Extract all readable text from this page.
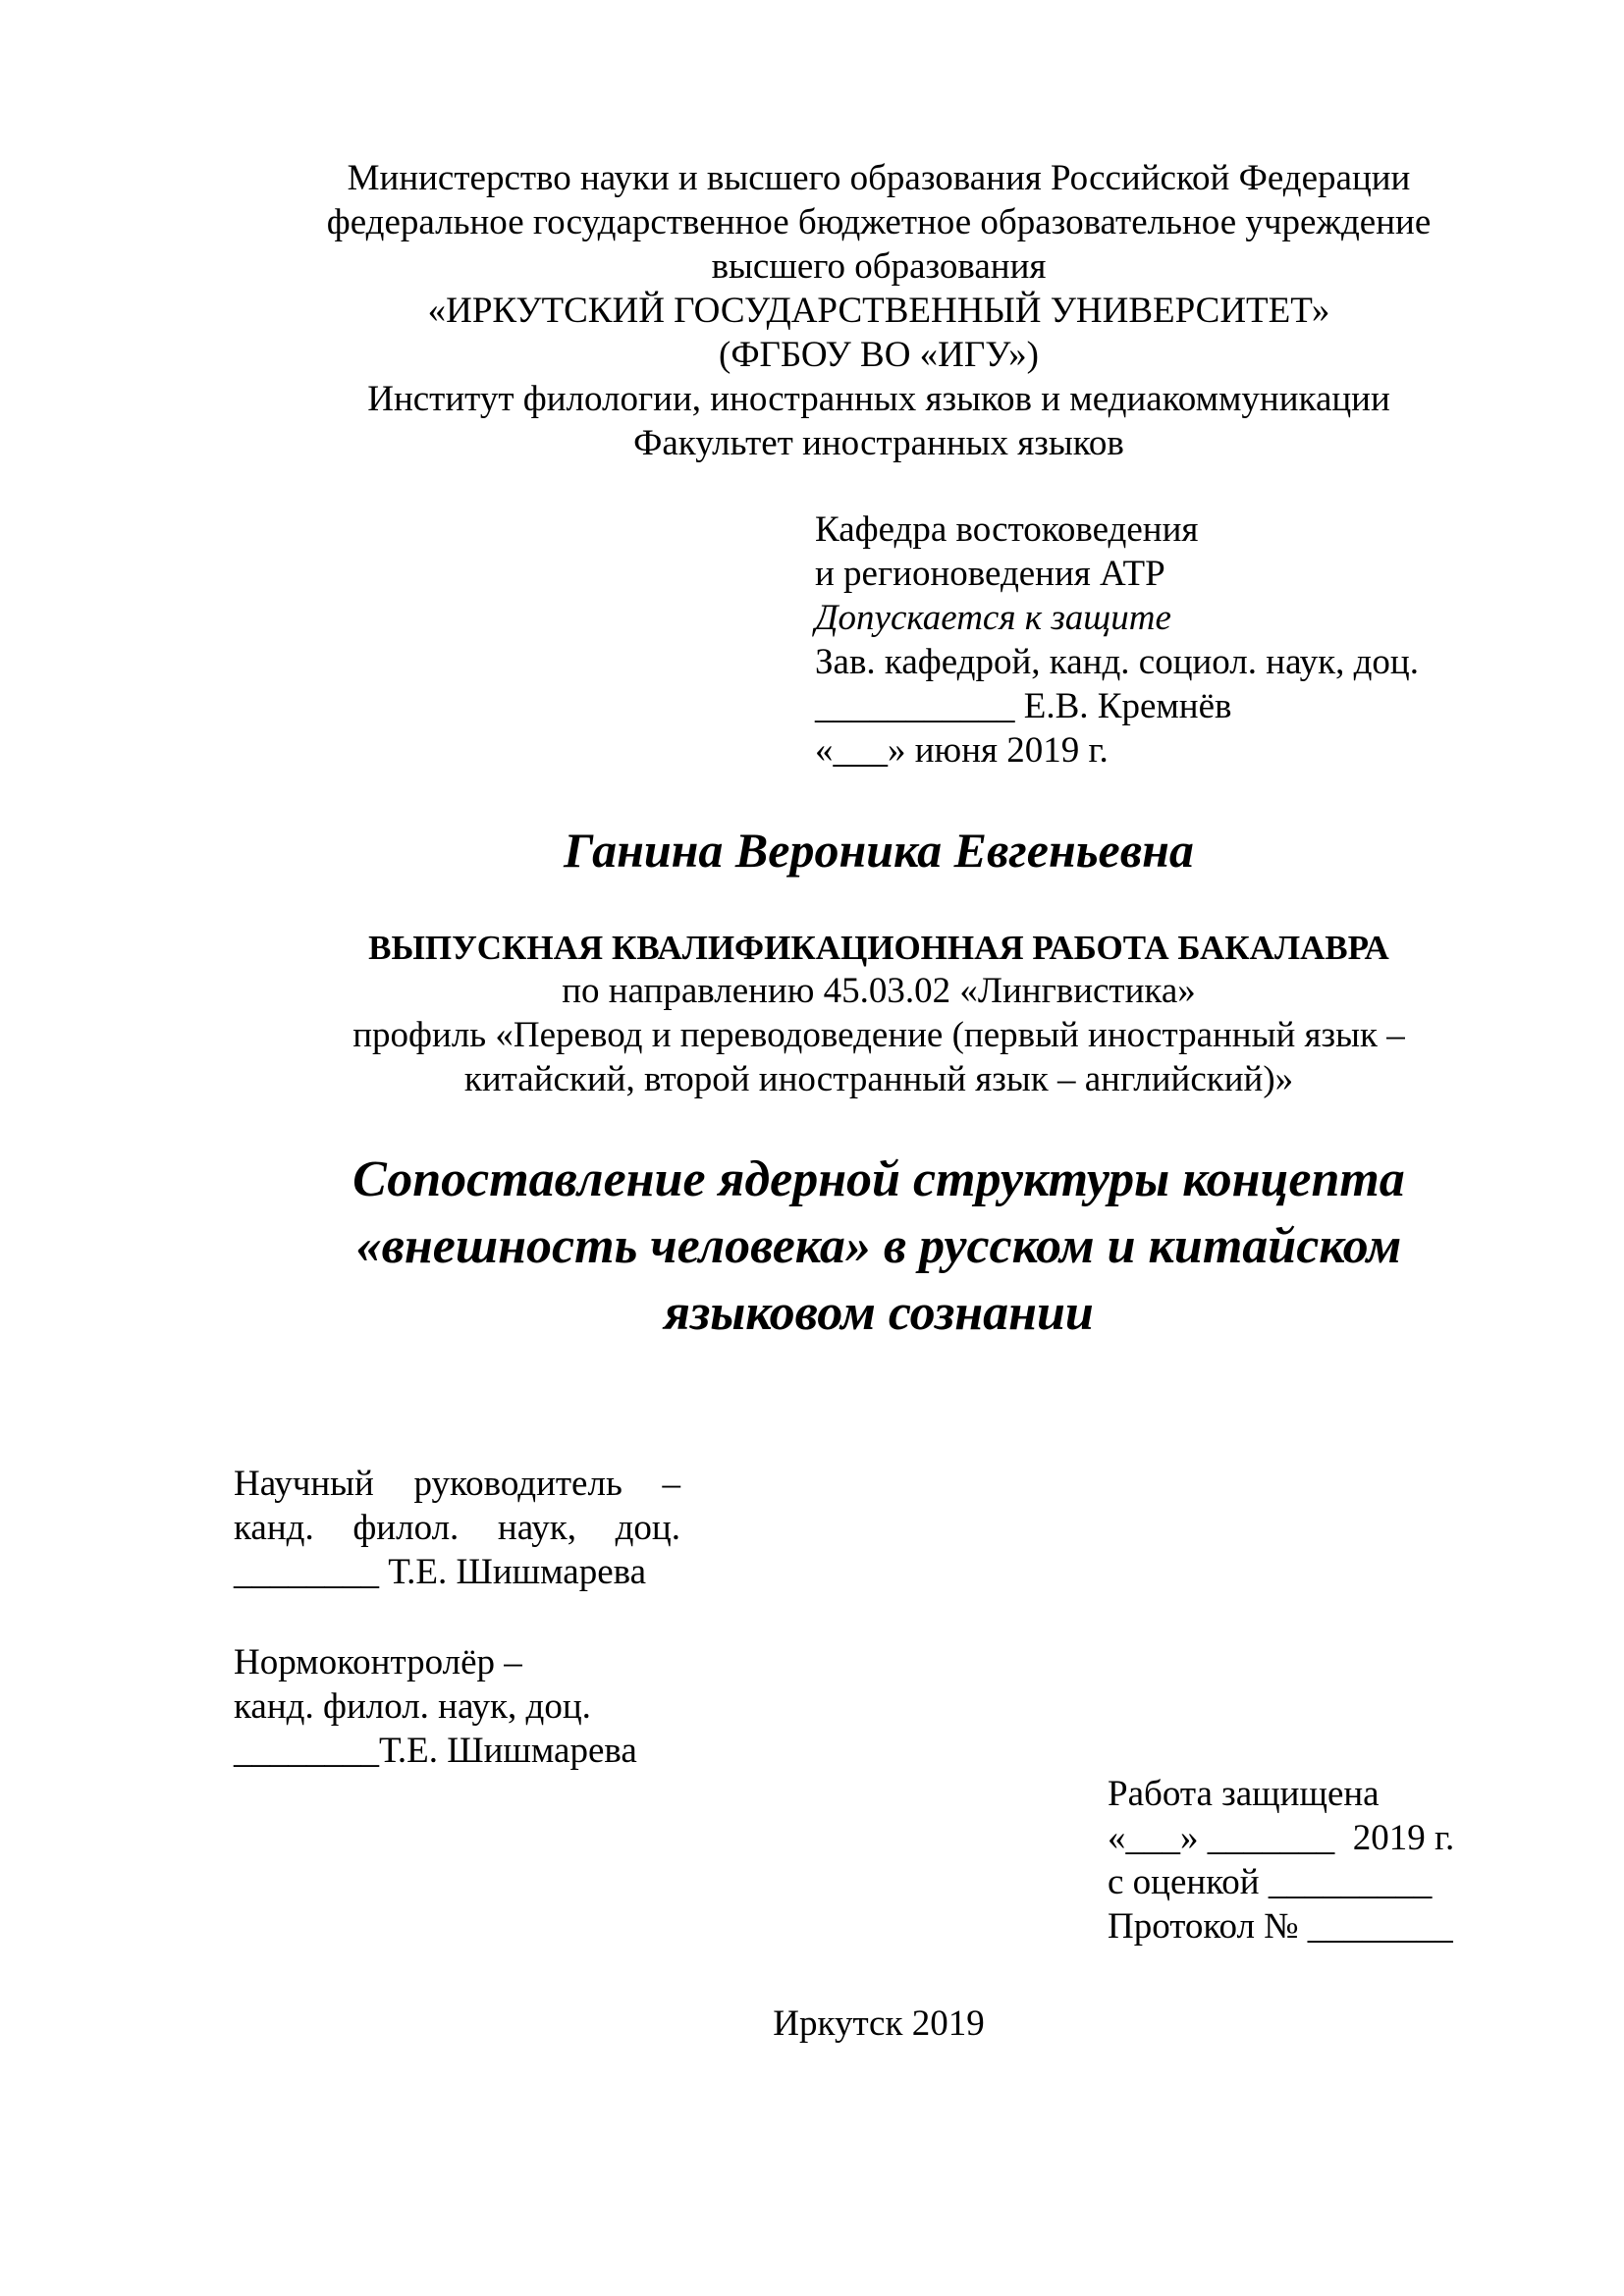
Министерство науки и высшего образования Российской Федерации
федеральное государственное бюджетное образовательное учреждение
высшего образования
«ИРКУТСКИЙ ГОСУДАРСТВЕННЫЙ УНИВЕРСИТЕТ»
(ФГБОУ ВО «ИГУ»)
Институт филологии, иностранных языков и медиакоммуникации
Факультет иностранных языков
Кафедра востоковедения
и регионоведения АТР
Допускается к защите
Зав. кафедрой, канд. социол. наук, доц.
___________ Е.В. Кремнёв
«___» июня 2019 г.
Ганина Вероника Евгеньевна
ВЫПУСКНАЯ КВАЛИФИКАЦИОННАЯ РАБОТА БАКАЛАВРА
по направлению 45.03.02 «Лингвистика»
профиль «Перевод и переводоведение (первый иностранный язык –
китайский, второй иностранный язык – английский)»
Сопоставление ядерной структуры концепта
«внешность человека» в русском и китайском
языковом сознании
Научный руководитель –
канд. филол. наук, доц.
________ Т.Е. Шишмарева
Нормоконтролёр –
канд. филол. наук, доц.
________Т.Е. Шишмарева
Работа защищена
«___» _______  2019 г.
с оценкой _________
Протокол № ________
Иркутск 2019
